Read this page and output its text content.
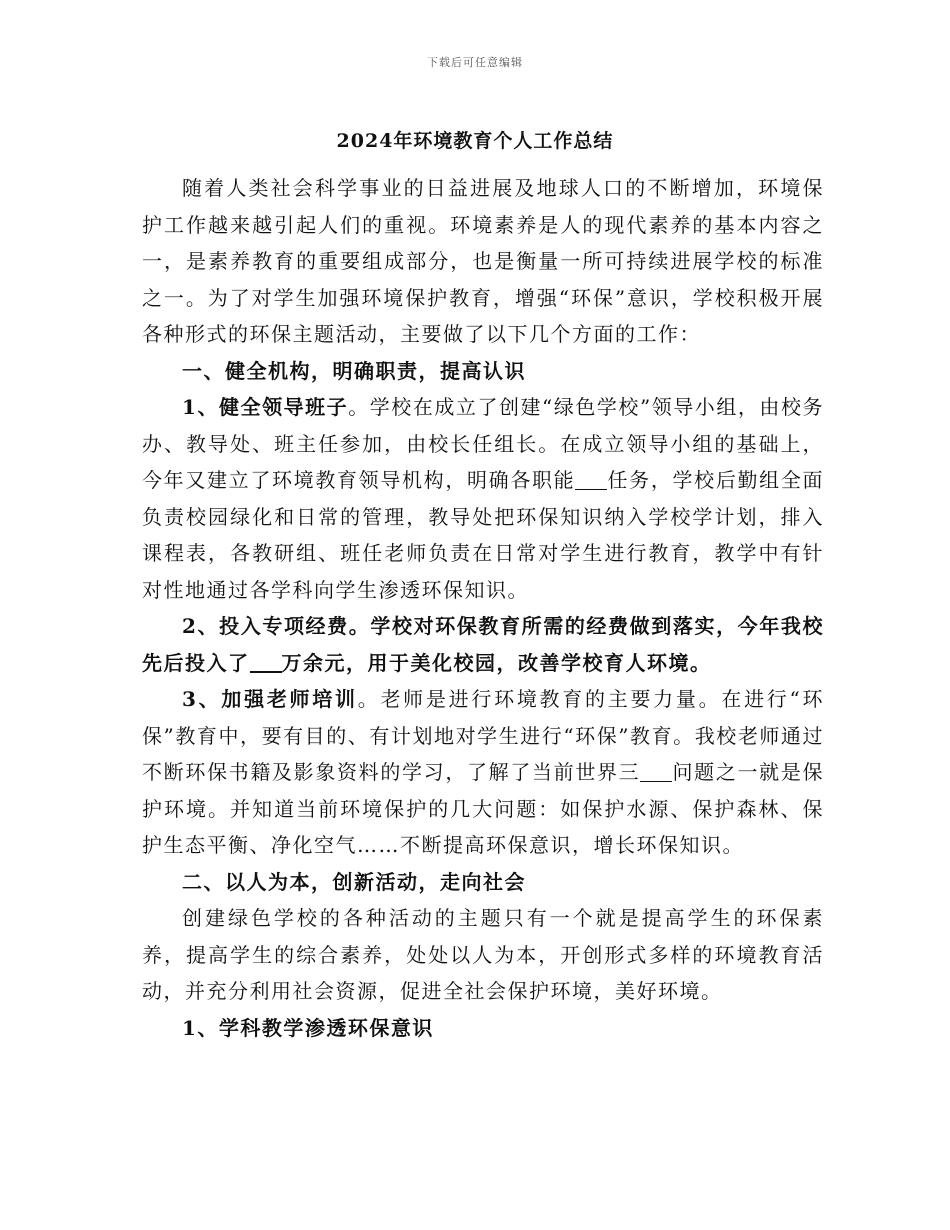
下载后可任意编辑
2024年环境教育个人工作总结

随着人类社会科学事业的日益进展及地球人口的不断增加，环境保护工作越来越引起人们的重视。环境素养是人的现代素养的基本内容之一，是素养教育的重要组成部分，也是衡量一所可持续进展学校的标准之一。为了对学生加强环境保护教育，增强“环保”意识，学校积极开展各种形式的环保主题活动，主要做了以下几个方面的工作：

一、健全机构，明确职责，提高认识

1、健全领导班子。学校在成立了创建“绿色学校”领导小组，由校务办、教导处、班主任参加，由校长任组长。在成立领导小组的基础上，今年又建立了环境教育领导机构，明确各职能 任务，学校后勤组全面负责校园绿化和日常的管理，教导处把环保知识纳入学校学计划，排入课程表，各教研组、班任老师负责在日常对学生进行教育，教学中有针对性地通过各学科向学生渗透环保知识。

2、投入专项经费。学校对环保教育所需的经费做到落实，今年我校先后投入了 万余元，用于美化校园，改善学校育人环境。

3、加强老师培训。老师是进行环境教育的主要力量。在进行“环保”教育中，要有目的、有计划地对学生进行“环保”教育。我校老师通过不断环保书籍及影象资料的学习，了解了当前世界三 问题之一就是保护环境。并知道当前环境保护的几大问题：如保护水源、保护森林、保护生态平衡、净化空气……不断提高环保意识，增长环保知识。

二、以人为本，创新活动，走向社会

创建绿色学校的各种活动的主题只有一个就是提高学生的环保素养，提高学生的综合素养，处处以人为本，开创形式多样的环境教育活动，并充分利用社会资源，促进全社会保护环境，美好环境。

1、学科教学渗透环保意识
